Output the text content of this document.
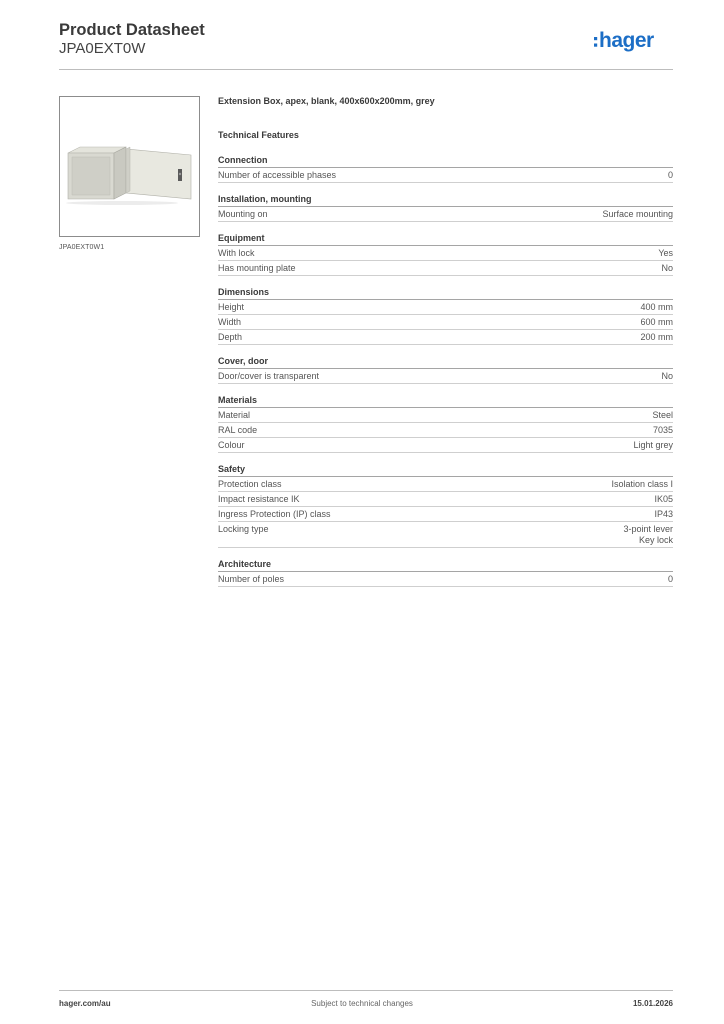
Product Datasheet
JPA0EXT0W	hager
JPA0EXT0W1
Extension Box, apex, blank, 400x600x200mm, grey
Technical Features
Connection
Number of accessible phases	0
Installation, mounting
Mounting on	Surface mounting
Equipment
With lock	Yes
Has mounting plate	No
Dimensions
Height	400 mm
Width	600 mm
Depth	200 mm
Cover, door
Door/cover is transparent	No
Materials
Material	Steel
RAL code	7035
Colour	Light grey
Safety
Protection class	Isolation class I
Impact resistance IK	IK05
Ingress Protection (IP) class	IP43
Locking type	3-point lever
Key lock
Architecture
Number of poles	0
hager.com/au	Subject to technical changes	15.01.2026
